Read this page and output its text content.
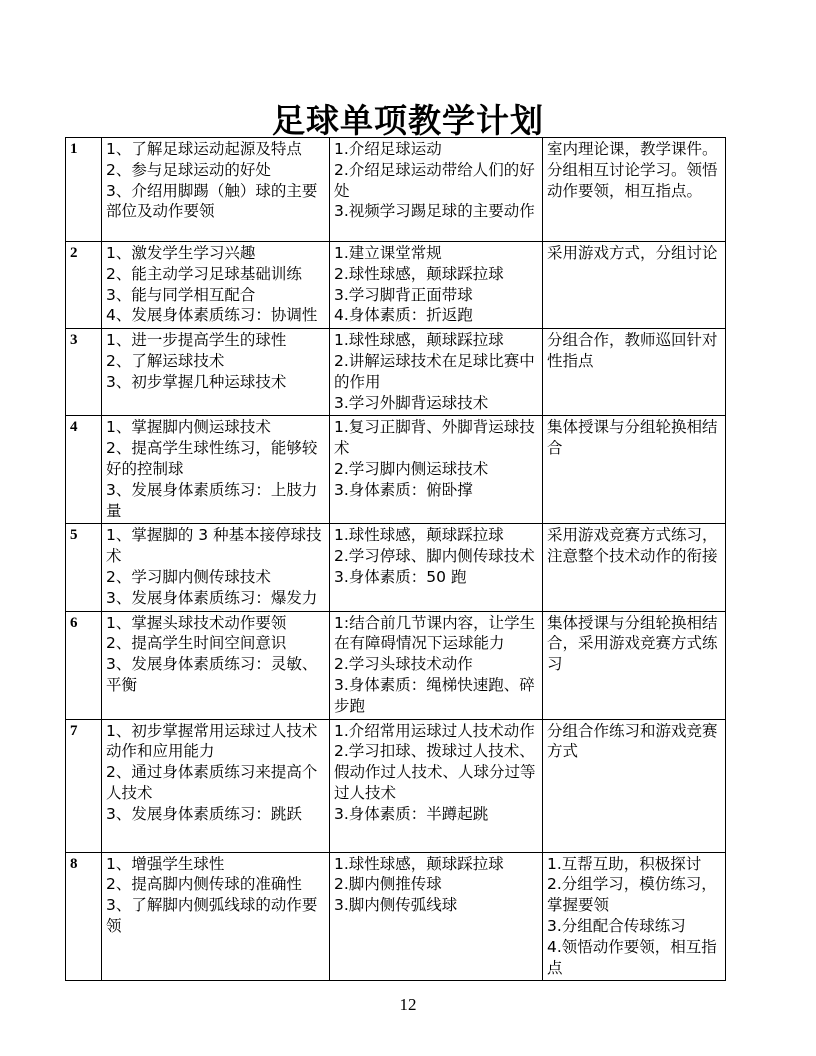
足球单项教学计划
1	1、了解足球运动起源及特点
2、参与足球运动的好处
3、介绍用脚踢（触）球的主要部位及动作要领	1.介绍足球运动
2.介绍足球运动带给人们的好处
3.视频学习踢足球的主要动作	室内理论课，教学课件。分组相互讨论学习。领悟动作要领，相互指点。

2	1、激发学生学习兴趣
2、能主动学习足球基础训练
3、能与同学相互配合
4、发展身体素质练习：协调性	1.建立课堂常规
2.球性球感，颠球踩拉球
3.学习脚背正面带球
4.身体素质：折返跑	采用游戏方式，分组讨论

3	1、进一步提高学生的球性
2、了解运球技术
3、初步掌握几种运球技术	1.球性球感，颠球踩拉球
2.讲解运球技术在足球比赛中的作用
3.学习外脚背运球技术	分组合作，教师巡回针对性指点

4	1、掌握脚内侧运球技术
2、提高学生球性练习，能够较好的控制球
3、发展身体素质练习：上肢力量	1.复习正脚背、外脚背运球技术
2.学习脚内侧运球技术
3.身体素质：俯卧撑	集体授课与分组轮换相结合

5	1、掌握脚的 3 种基本接停球技术
2、学习脚内侧传球技术
3、发展身体素质练习：爆发力	1.球性球感，颠球踩拉球
2.学习停球、脚内侧传球技术
3.身体素质：50 跑	采用游戏竞赛方式练习，注意整个技术动作的衔接

6	1、掌握头球技术动作要领
2、提高学生时间空间意识
3、发展身体素质练习：灵敏、平衡	1:结合前几节课内容，让学生在有障碍情况下运球能力
2.学习头球技术动作
3.身体素质：绳梯快速跑、碎步跑	集体授课与分组轮换相结合，采用游戏竞赛方式练习

7	1、初步掌握常用运球过人技术动作和应用能力
2、通过身体素质练习来提高个人技术
3、发展身体素质练习：跳跃	1.介绍常用运球过人技术动作
2.学习扣球、拨球过人技术、假动作过人技术、人球分过等过人技术
3.身体素质：半蹲起跳	分组合作练习和游戏竞赛方式

8	1、增强学生球性
2、提高脚内侧传球的准确性
3、了解脚内侧弧线球的动作要领	1.球性球感，颠球踩拉球
2.脚内侧推传球
3.脚内侧传弧线球	1.互帮互助，积极探讨
2.分组学习，模仿练习，掌握要领
3.分组配合传球练习
4.领悟动作要领，相互指点
12
